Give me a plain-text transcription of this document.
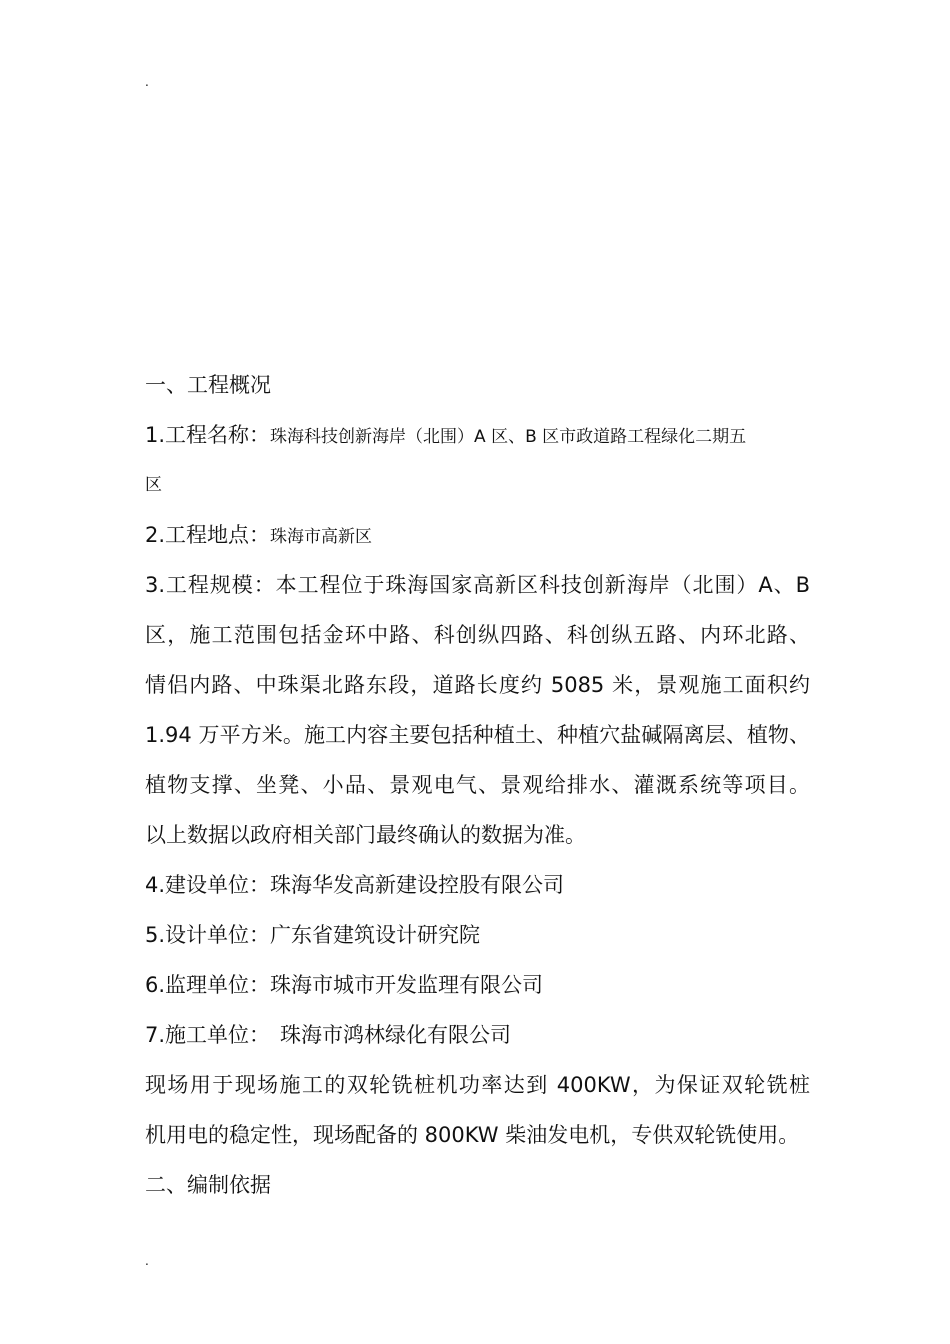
.
一、工程概况
1.工程名称：珠海科技创新海岸（北围）A 区、B 区市政道路工程绿化二期五
区
2.工程地点：珠海市高新区
3.工程规模：本工程位于珠海国家高新区科技创新海岸（北围）A、B
区，施工范围包括金环中路、科创纵四路、科创纵五路、内环北路、
情侣内路、中珠渠北路东段，道路长度约 5085 米，景观施工面积约
1.94 万平方米。施工内容主要包括种植土、种植穴盐碱隔离层、植物、
植物支撑、坐凳、小品、景观电气、景观给排水、灌溉系统等项目。
以上数据以政府相关部门最终确认的数据为准。
4.建设单位：珠海华发高新建设控股有限公司
5.设计单位：广东省建筑设计研究院
6.监理单位：珠海市城市开发监理有限公司
7.施工单位： 珠海市鸿林绿化有限公司
现场用于现场施工的双轮铣桩机功率达到 400KW，为保证双轮铣桩
机用电的稳定性，现场配备的 800KW 柴油发电机，专供双轮铣使用。
二、编制依据
.
